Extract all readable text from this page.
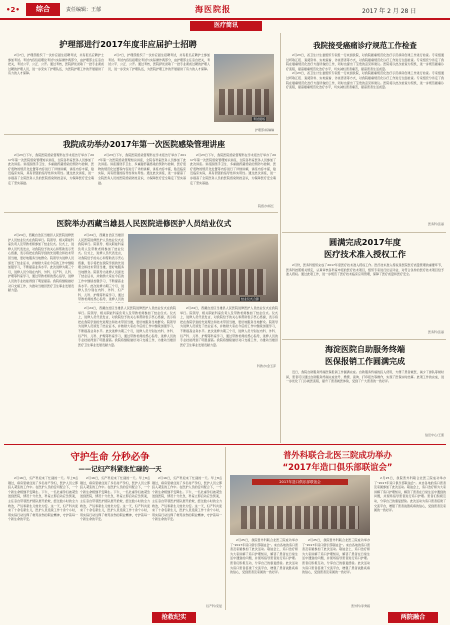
•2•	综合	责任编辑：王郁	海医院报	2017 年 2 月 28 日
医疗简讯
护理部进行2017年度非应届护士招聘

2月7日，护理部组织了一次非应届生招聘考试，共有报名应聘护士参加考试。考试内容包括理论考试与实际操作两部分，由护理部主任亲自把关，考试公平、公正、公开。通过考核，医院择优录取了一批专业素质过硬的护理人员，进一步充实了护理队伍，为医院护理工作的开展提供了有力的人才保障。

2月7日，护理部组织了一次非应届生招聘考试，共有报名应聘护士参加考试。考试内容包括理论考试与实际操作两部分，由护理部主任亲自把关，考试公平、公正、公开。通过考核，医院择优录取了一批专业素质过硬的护理人员，进一步充实了护理队伍，为医院护理工作的开展提供了有力的人才保障。

考试现场
护理部/杨琳琳
我院接受癌痛诊疗规范工作检查

2月23日，省卫生计生委组织专家组一行来到我院，对我院癌痛规范化治疗示范病房创建工作进行检查。专家组通过听取汇报、查阅资料、实地查看、访谈患者等方式，对我院癌痛规范化诊疗工作进行全面检查。专家组充分肯定了我院在癌痛规范化治疗方面所做的工作，同时也提出了宝贵的意见和建议。医院将以此次检查为契机，进一步规范癌痛诊疗流程，提高癌痛规范化治疗水平，切实减轻患者痛苦，提高患者生活质量。

2月23日，省卫生计生委组织专家组一行来到我院，对我院癌痛规范化治疗示范病房创建工作进行检查。专家组通过听取汇报、查阅资料、实地查看、访谈患者等方式，对我院癌痛规范化诊疗工作进行全面检查。专家组充分肯定了我院在癌痛规范化治疗方面所做的工作，同时也提出了宝贵的意见和建议。医院将以此次检查为契机，进一步规范癌痛诊疗流程，提高癌痛规范化治疗水平，切实减轻患者痛苦，提高患者生活质量。

医务科/张丽
我院成功举办2017年第一次医院感染管理讲座

2月23日下午，我院医院感染管理科在学术报告厅举办了2017年第一次医院感染管理知识讲座，全院各科室医务人员参加了此次讲座。讲座围绕手卫生、多重耐药菌感染的预防与控制、医疗废物的规范化处置等内容进行了详细讲解，讲座内容丰富，贴近临床实际，具有很强的指导性和实用性。通过此次讲座，进一步提高了全院医务人员的医院感染防控意识，为保障医疗安全奠定了坚实基础。

2月23日下午，我院医院感染管理科在学术报告厅举办了2017年第一次医院感染管理知识讲座，全院各科室医务人员参加了此次讲座。讲座围绕手卫生、多重耐药菌感染的预防与控制、医疗废物的规范化处置等内容进行了详细讲解，讲座内容丰富，贴近临床实际，具有很强的指导性和实用性。通过此次讲座，进一步提高了全院医务人员的医院感染防控意识，为保障医疗安全奠定了坚实基础。

2月23日下午，我院医院感染管理科在学术报告厅举办了2017年第一次医院感染管理知识讲座，全院各科室医务人员参加了此次讲座。讲座围绕手卫生、多重耐药菌感染的预防与控制、医疗废物的规范化处置等内容进行了详细讲解，讲座内容丰富，贴近临床实际，具有很强的指导性和实用性。通过此次讲座，进一步提高了全院医务人员的医院感染防控意识，为保障医疗安全奠定了坚实基础。

院感办/杨红
医院举办西藏当雄县人民医院进修医护人员结业仪式

2月24日，西藏自治区当雄县人民医院进修医护人员结业仪式在我院举行。院领导、相关职能科室负责人及带教老师参加了结业仪式。仪式上，进修人员代表发言，对我院给予的关心和帮助表示衷心感谢，表示将把在我院学到的先进理念和技术带回当雄，更好地服务当地群众。院领导为进修人员颁发了结业证书，并勉励大家在今后的工作中继续加强学习，不断提高业务水平。此次进修为期三个月，进修人员分别在内科、外科、妇产科、儿科、护理等科室学习，通过带教老师的悉心指导，进修人员的专业技能得到了明显提高。我院将继续做好对口支援工作，为推动当雄县医疗卫生事业发展贡献力量。

2月24日，西藏自治区当雄县人民医院进修医护人员结业仪式在我院举行。院领导、相关职能科室负责人及带教老师参加了结业仪式。仪式上，进修人员代表发言，对我院给予的关心和帮助表示衷心感谢，表示将把在我院学到的先进理念和技术带回当雄，更好地服务当地群众。院领导为进修人员颁发了结业证书，并勉励大家在今后的工作中继续加强学习，不断提高业务水平。此次进修为期三个月，进修人员分别在内科、外科、妇产科、儿科、护理等科室学习，通过带教老师的悉心指导，进修人员的	结业仪式合影

2月24日，西藏自治区当雄县人民医院进修医护人员结业仪式在我院举行。院领导、相关职能科室负责人及带教老师参加了结业仪式。仪式上，进修人员代表发言，对我院给予的关心和帮助表示衷心感谢，表示将把在我院学到的先进理念和技术带回当雄，更好地服务当地群众。院领导为进修人员颁发了结业证书，并勉励大家在今后的工作中继续加强学习，不断提高业务水平。此次进修为期三个月，进修人员分别在内科、外科、妇产科、儿科、护理等科室学习，通过带教老师的悉心指导，进修人员的专业技能得到了明显提高。我院将继续做好对口支援工作，为推动当雄县医疗卫生事业发展贡献力量。

2月24日，西藏自治区当雄县人民医院进修医护人员结业仪式在我院举行。院领导、相关职能科室负责人及带教老师参加了结业仪式。仪式上，进修人员代表发言，对我院给予的关心和帮助表示衷心感谢，表示将把在我院学到的先进理念和技术带回当雄，更好地服务当地群众。院领导为进修人员颁发了结业证书，并勉励大家在今后的工作中继续加强学习，不断提高业务水平。此次进修为期三个月，进修人员分别在内科、外科、妇产科、儿科、护理等科室学习，通过带教老师的悉心指导，进修人员的专业技能得到了明显提高。我院将继续做好对口支援工作，为推动当雄县医疗卫生事业发展贡献力量。

科教办/金玉萍
圆满完成2017年度
医疗技术准入授权工作

2月份，医务科组织完成了2017年度医疗技术准入授权工作。医疗技术准入授权是医院医疗质量管理的重要环节，医务科按照相关规定，认真审核各科室申报的医疗技术项目，组织专家进行论证评估，对符合条件的医疗技术项目给予准入授权。通过此项工作，进一步规范了医疗技术临床应用管理，保障了医疗质量和医疗安全。

医务科/张丽
海淀医院自助服务终端
医保报销工作圆满完成

近日，我院自助服务终端医保报销工作圆满完成。自助服务终端的投入使用，方便了患者就医，减少了排队等候时间，患者可以通过自助服务终端完成挂号、缴费、查询、打印报告等操作，实现了医保实时结算。此项工作的完成，进一步优化了门诊就医流程，提升了患者就医体验，受到了广大患者的一致好评。

信息中心/王蕾
守护生命 分秒必争
——记妇产科紧张忙碌的一天

2月16日，妇产科迎来了忙碌的一天。早上8点刚过，病房里就住进了多名待产孕妇，医护人员立即投入紧张的工作中。在医护人员的密切配合下，一个个新生命相继平安降生。下午，一名危重孕妇被紧急送到医院，情况十分危急，科室立即启动应急预案，主任亲自带领医护团队展开抢救，经过数小时的全力救治，产妇和新生儿转危为安。这一天，妇产科共迎来了十余名新生儿，医护人员连续工作十余个小时，用实际行动诠释了救死扶伤的职业精神，守护着每一个新生命的平安。

2月16日，妇产科迎来了忙碌的一天。早上8点刚过，病房里就住进了多名待产孕妇，医护人员立即投入紧张的工作中。在医护人员的密切配合下，一个个新生命相继平安降生。下午，一名危重孕妇被紧急送到医院，情况十分危急，科室立即启动应急预案，主任亲自带领医护团队展开抢救，经过数小时的全力救治，产妇和新生儿转危为安。这一天，妇产科共迎来了十余名新生儿，医护人员连续工作十余个小时，用实际行动诠释了救死扶伤的职业精神，守护着每一个新生命的平安。

2月16日，妇产科迎来了忙碌的一天。早上8点刚过，病房里就住进了多名待产孕妇，医护人员立即投入紧张的工作中。在医护人员的密切配合下，一个个新生命相继平安降生。下午，一名危重孕妇被紧急送到医院，情况十分危急，科室立即启动应急预案，主任亲自带领医护团队展开抢救，经过数小时的全力救治，产妇和新生儿转危为安。这一天，妇产科共迎来了十余名新生儿，医护人员连续工作十余个小时，用实际行动诠释了救死扶伤的职业精神，守护着每一个新生命的平安。

妇产科/宋瑶
普外科联合北医三院成功举办
“2017年造口俱乐部联谊会”
2017年造口俱乐部联谊会

2月25日，我院普外科联合北医三院成功举办了“2017年造口俱乐部联谊会”。来自各地的造口患者及家属参加了此次活动。联谊会上，造口治疗师为大家讲解了造口护理知识，解答了患者在日常生活中遇到的问题，并现场指导患者进行造口护理。患者们积极互动，分享自己的康复经验。此次活动为造口患者搭建了交流平台，增强了患者战胜疾病的信心，受到患者及家属的一致好评。

2月25日，我院普外科联合北医三院成功举办了“2017年造口俱乐部联谊会”。来自各地的造口患者及家属参加了此次活动。联谊会上，造口治疗师为大家讲解了造口护理知识，解答了患者在日常生活中遇到的问题，并现场指导患者进行造口护理。患者们积极互动，分享自己的康复经验。此次活动为造口患者搭建了交流平台，增强了患者战胜疾病的信心，受到患者及家属的一致好评。

2月25日，我院普外科联合北医三院成功举办了“2017年造口俱乐部联谊会”。来自各地的造口患者及家属参加了此次活动。联谊会上，造口治疗师为大家讲解了造口护理知识，解答了患者在日常生活中遇到的问题，并现场指导患者进行造口护理。患者们积极互动，分享自己的康复经验。此次活动为造口患者搭建了交流平台，增强了患者战胜疾病的信心，受到患者及家属的一致好评。

普外科/李秀娟
抢救纪实	两院融合
